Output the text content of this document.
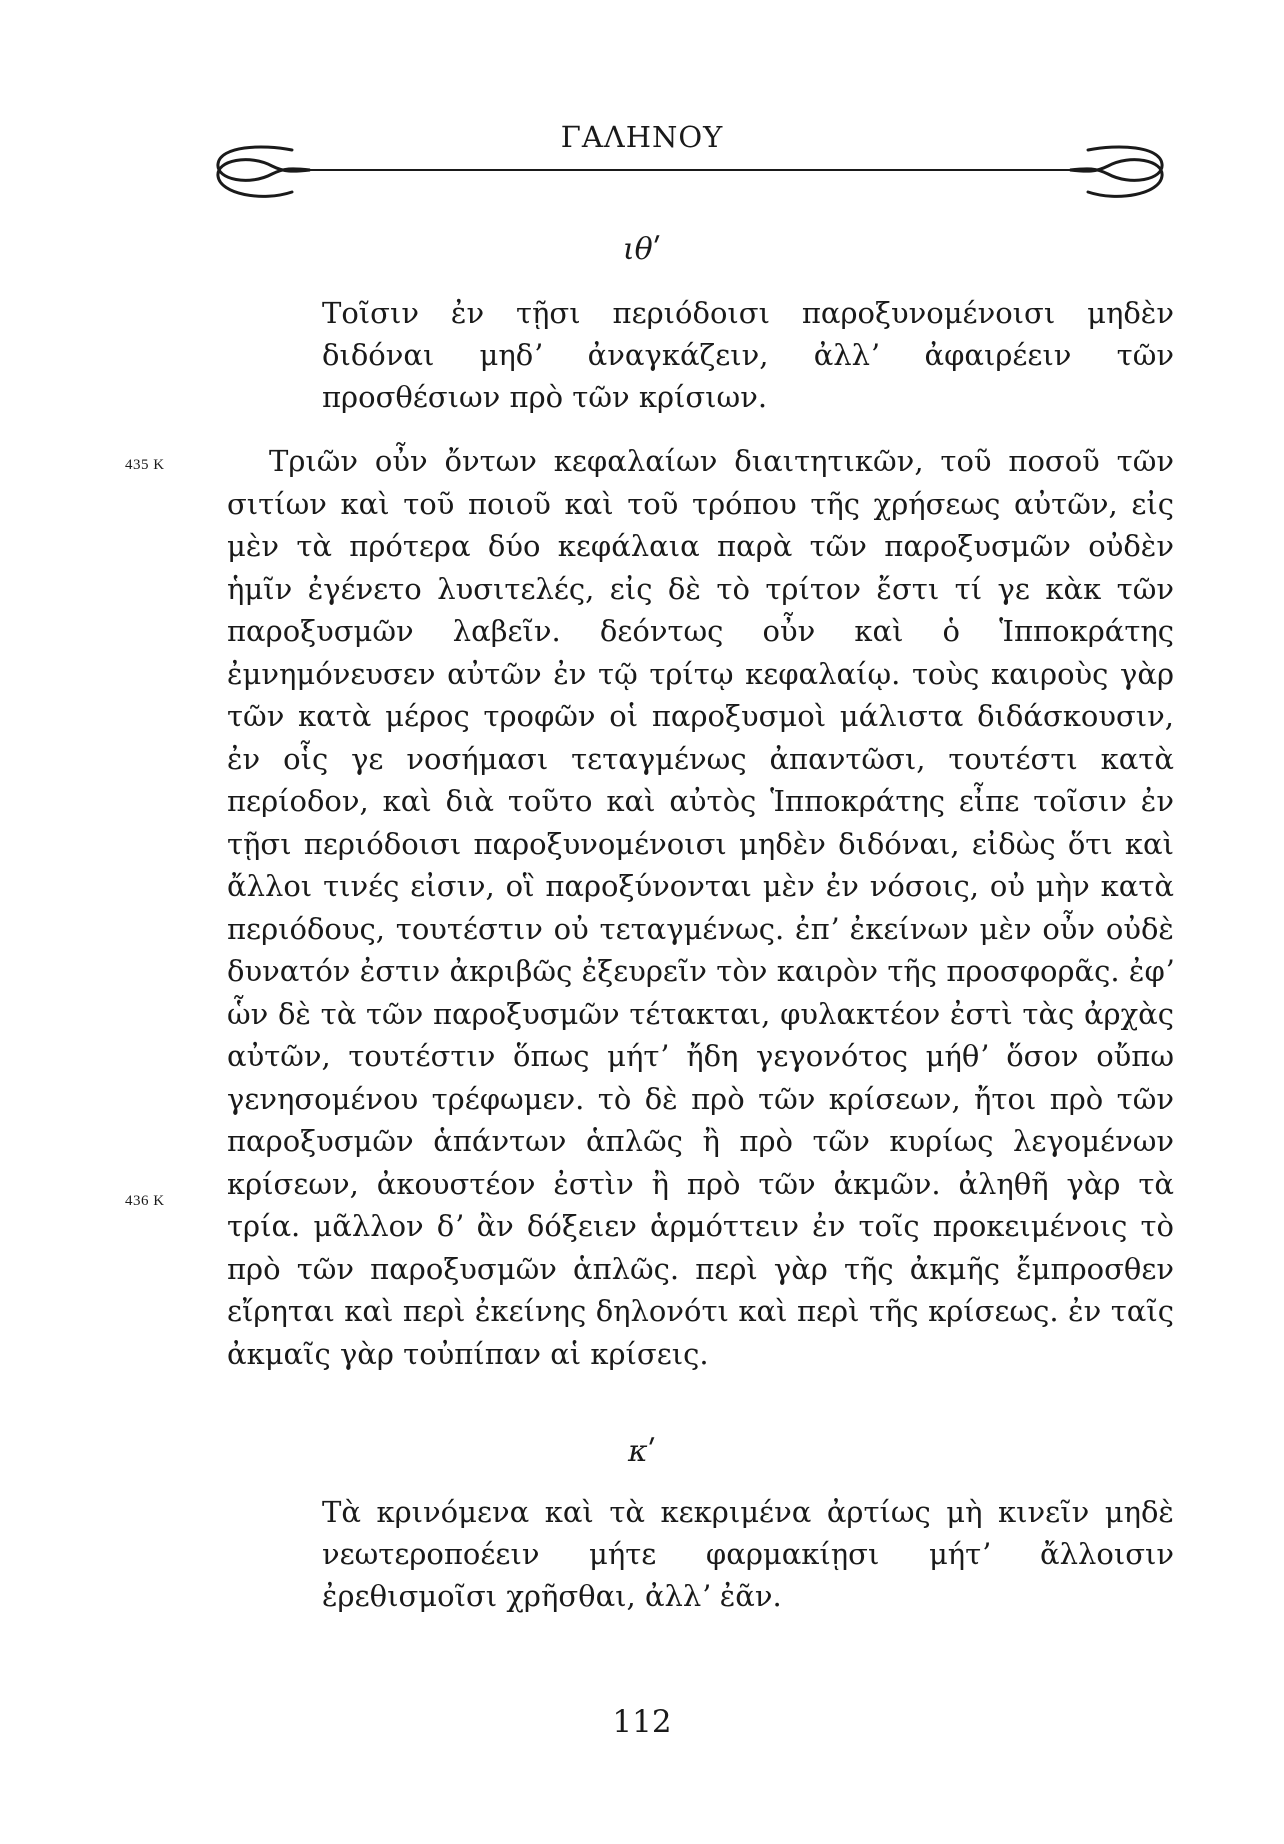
ΓΑΛΗΝΟΥ
ιθʹ

Τοῖσιν ἐν τῇσι περιόδοισι παροξυνομένοισι μηδὲν διδόναι μηδʼ ἀναγκάζειν, ἀλλʼ ἀφαιρέειν τῶν προσθέσιων πρὸ τῶν κρίσιων.

435 K	Τριῶν οὖν ὄντων κεφαλαίων διαιτητικῶν, τοῦ ποσοῦ τῶν σιτίων καὶ τοῦ ποιοῦ καὶ τοῦ τρόπου τῆς χρήσεως αὐτῶν, εἰς μὲν τὰ πρότερα δύο κεφάλαια παρὰ τῶν παροξυσμῶν οὐδὲν ἡμῖν ἐγένετο λυσιτελές, εἰς δὲ τὸ τρίτον ἔστι τί γε κὰκ τῶν παροξυσμῶν λαβεῖν. δεόντως οὖν καὶ ὁ Ἱπποκράτης ἐμνημόνευσεν αὐτῶν ἐν τῷ τρίτῳ κεφαλαίῳ. τοὺς καιροὺς γὰρ τῶν κατὰ μέρος τροφῶν οἱ παροξυσμοὶ μάλιστα διδάσκουσιν, ἐν οἷς γε νοσήμασι τεταγμένως ἀπαντῶσι, τουτέστι κατὰ περίοδον, καὶ διὰ τοῦτο καὶ αὐτὸς Ἱπποκράτης εἶπε τοῖσιν ἐν τῇσι περιόδοισι παροξυνομένοισι μηδὲν διδόναι, εἰδὼς ὅτι καὶ ἄλλοι τινές εἰσιν, οἳ παροξύνονται μὲν ἐν νόσοις, οὐ μὴν κατὰ περιόδους, τουτέστιν οὐ τεταγμένως. ἐπʼ ἐκείνων μὲν οὖν οὐδὲ δυνατόν ἐστιν ἀκριβῶς ἐξευρεῖν τὸν καιρὸν τῆς προσφορᾶς. ἐφʼ ὧν δὲ τὰ τῶν παροξυσμῶν τέτακται, φυλακτέον ἐστὶ τὰς ἀρχὰς αὐτῶν, τουτέστιν ὅπως μήτʼ ἤδη γεγονότος μήθʼ ὅσον οὔπω γενησομένου τρέφωμεν. τὸ δὲ πρὸ τῶν κρίσεων, ἤτοι πρὸ τῶν παροξυσμῶν ἁπάντων ἁπλῶς ἢ πρὸ τῶν κυρίως λεγομένων κρίσεων, ἀκουστέον ἐστὶν ἢ πρὸ τῶν ἀκμῶν. ἀληθῆ γὰρ τὰ τρία. μᾶλλον δʼ ἂν δόξειεν ἁρμόττειν ἐν τοῖς προκειμένοις τὸ πρὸ τῶν παροξυσμῶν ἁπλῶς. περὶ γὰρ τῆς ἀκμῆς ἔμπροσθεν εἴρηται καὶ περὶ ἐκείνης δηλονότι καὶ περὶ τῆς κρίσεως. ἐν ταῖς ἀκμαῖς γὰρ τοὐπίπαν αἱ κρίσεις.

436 K
κʹ

Τὰ κρινόμενα καὶ τὰ κεκριμένα ἀρτίως μὴ κινεῖν μηδὲ νεωτεροποέειν μήτε φαρμακίῃσι μήτʼ ἄλλοισιν ἐρεθισμοῖσι χρῆσθαι, ἀλλʼ ἐᾶν.

112
